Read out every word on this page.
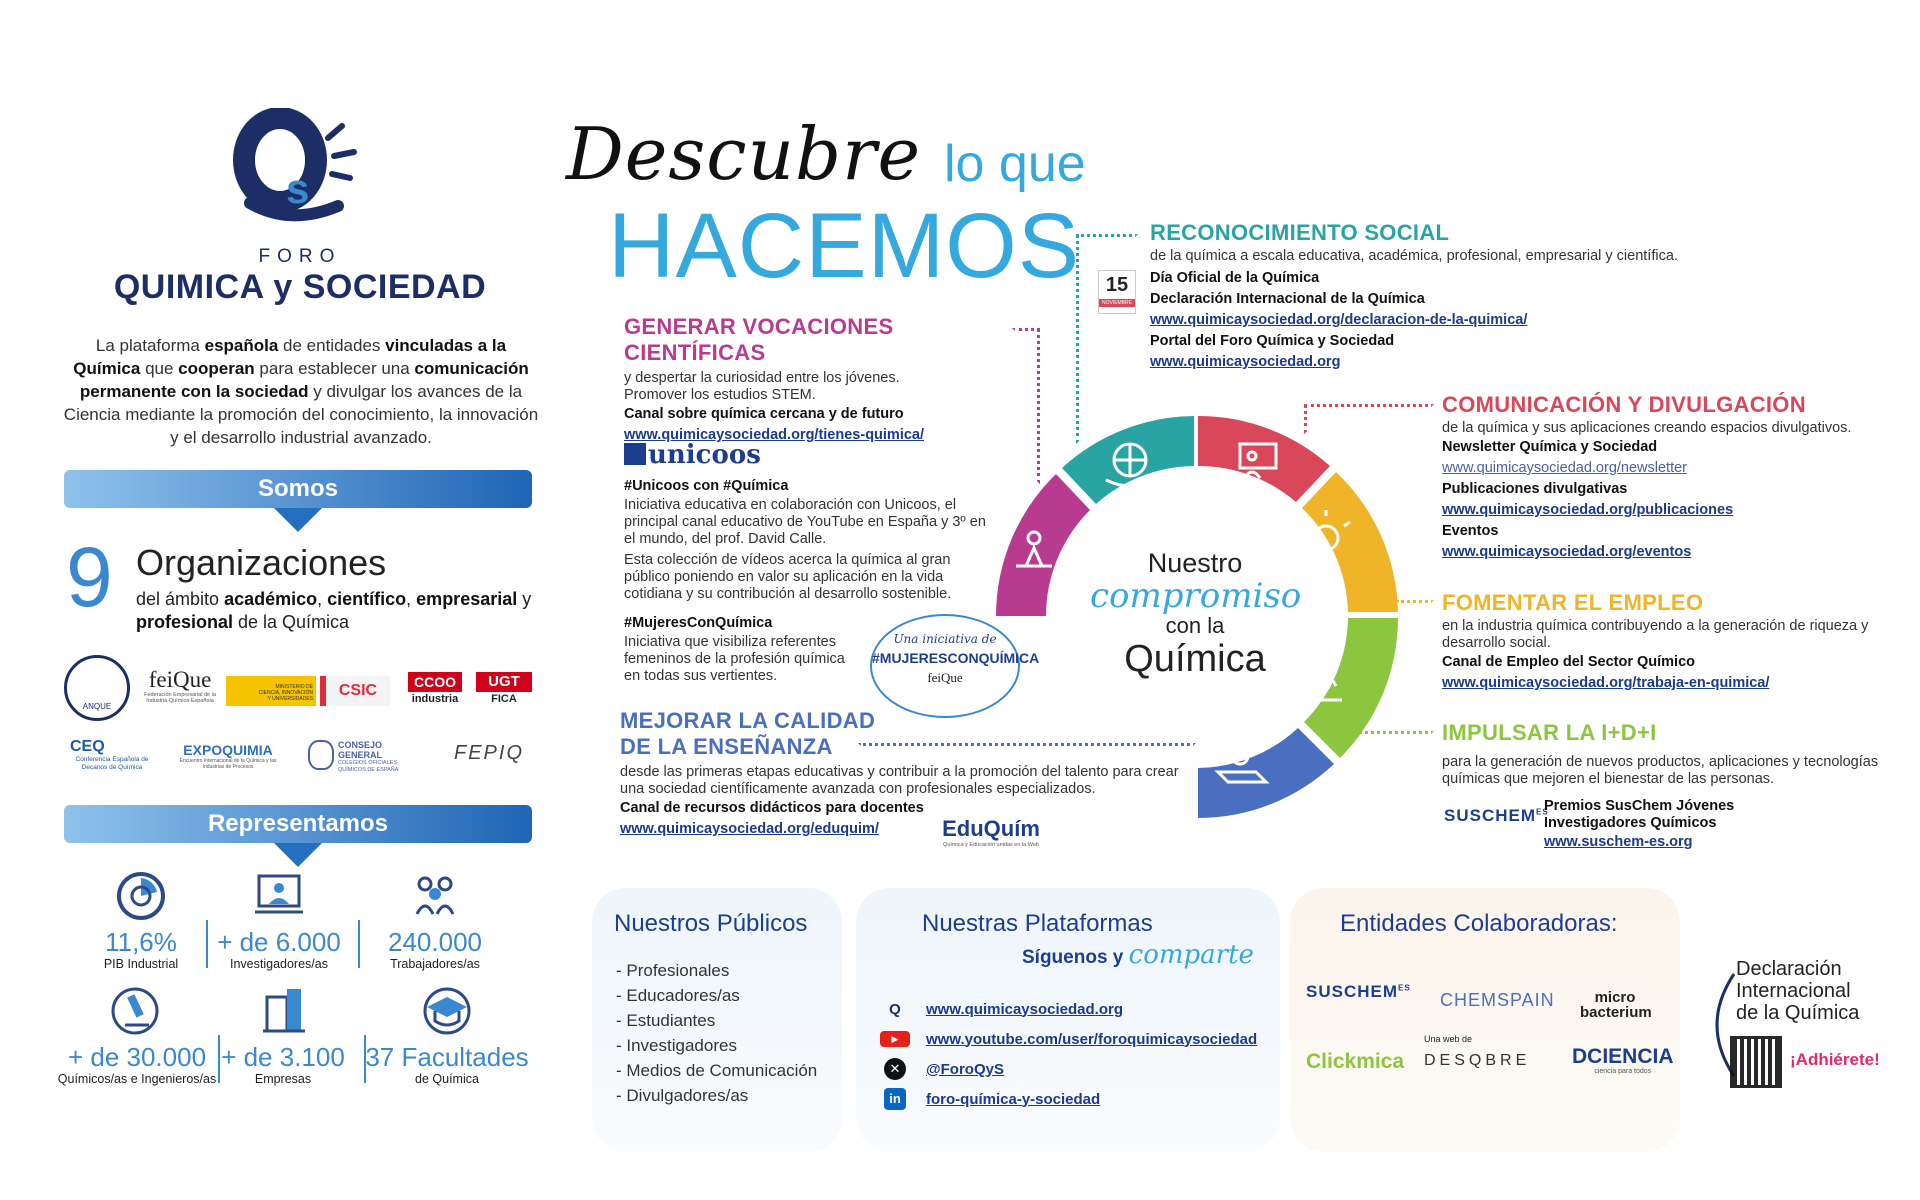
s
FORO
QUIMICA y SOCIEDAD
La plataforma española de entidades vinculadas a la Química que cooperan para establecer una comunicación permanente con la sociedad y divulgar los avances de la Ciencia mediante la promoción del conocimiento, la innovación y el desarrollo industrial avanzado.
Somos
9 Organizaciones
del ámbito académico, científico, empresarial y profesional de la Química
ANQUE
feiQue
Federación Empresarial de la Industria Química Española
MINISTERIO DE CIENCIA, INNOVACIÓN Y UNIVERSIDADES	CSIC	CCOO
industria
UGT
FICA
CEQ
Conferencia Española de Decanos de Química
EXPOQUIMIA
Encuentro Internacional de la Química y las Industrias de Procesos
CONSEJO GENERAL
COLEGIOS OFICIALES QUÍMICOS DE ESPAÑA
FEPIQ
Representamos
11,6%
PIB Industrial
+ de 6.000
Investigadores/as
240.000
Trabajadores/as
+ de 30.000
Químicos/as e Ingenieros/as
+ de 3.100
Empresas
37 Facultades
de Química
Descubre lo que
HACEMOS
Nuestro
compromiso
con la
Química
RECONOCIMIENTO SOCIAL
de la química a escala educativa, académica, profesional, empresarial y científica.
15
NOVIEMBRE
Día Oficial de la Química
Declaración Internacional de la Química
www.quimicaysociedad.org/declaracion-de-la-quimica/
Portal del Foro Química y Sociedad
www.quimicaysociedad.org
GENERAR VOCACIONES CIENTÍFICAS
y despertar la curiosidad entre los jóvenes.
Promover los estudios STEM.
Canal sobre química cercana y de futuro
www.quimicaysociedad.org/tienes-quimica/
unicoos
#Unicoos con #Química
Iniciativa educativa en colaboración con Unicoos, el principal canal educativo de YouTube en España y 3º en el mundo, del prof. David Calle.
Esta colección de vídeos acerca la química al gran público poniendo en valor su aplicación en la vida cotidiana y su contribución al desarrollo sostenible.
#MujeresConQuímica
Iniciativa que visibiliza referentes femeninos de la profesión química en todas sus vertientes.
Una iniciativa de
#MUJERESCONQUÍMICA
feiQue
MEJORAR LA CALIDAD
DE LA ENSEÑANZA
desde las primeras etapas educativas y contribuir a la promoción del talento para crear una sociedad científicamente avanzada con profesionales especializados.
Canal de recursos didácticos para docentes
www.quimicaysociedad.org/eduquim/	EduQuím
Química y Educación unidas en la Web
COMUNICACIÓN Y DIVULGACIÓN
de la química y sus aplicaciones creando espacios divulgativos.
Newsletter Química y Sociedad
www.quimicaysociedad.org/newsletter
Publicaciones divulgativas
www.quimicaysociedad.org/publicaciones
Eventos
www.quimicaysociedad.org/eventos
FOMENTAR EL EMPLEO
en la industria química contribuyendo a la generación de riqueza y desarrollo social.
Canal de Empleo del Sector Químico
www.quimicaysociedad.org/trabaja-en-quimica/
IMPULSAR LA I+D+I
para la generación de nuevos productos, aplicaciones y tecnologías químicas que mejoren el bienestar de las personas.
$SUSCHEM^{ES}$
Premios SusChem Jóvenes Investigadores Químicos
www.suschem-es.org
Nuestros Públicos
- Profesionales
- Educadores/as
- Estudiantes
- Investigadores
- Medios de Comunicación
- Divulgadores/as
Nuestras Plataformas
Síguenos y comparte
Q	www.quimicaysociedad.org
▶	www.youtube.com/user/foroquimicaysociedad
✕	@ForoQyS
in	foro-química-y-sociedad
Entidades Colaboradoras:
$SUSCHEM^{ES}$
CHEMSPAIN	micro bacterium
Clickmica
Una web de
DESQBRE DCIENCIA
ciencia para todos
Declaración
Internacional
de la Química
¡Adhiérete!
